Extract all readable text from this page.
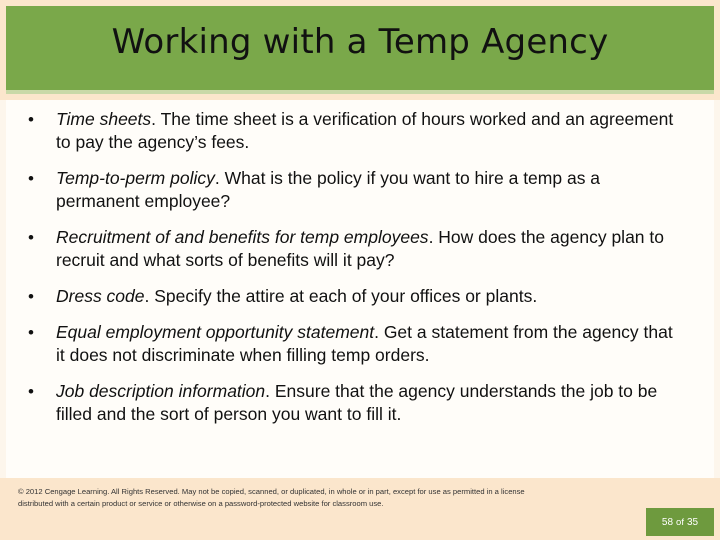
Working with a Temp Agency
• Time sheets. The time sheet is a verification of hours worked and an agreement to pay the agency’s fees.
• Temp-to-perm policy. What is the policy if you want to hire a temp as a permanent employee?
• Recruitment of and benefits for temp employees. How does the agency plan to recruit and what sorts of benefits will it pay?
• Dress code. Specify the attire at each of your offices or plants.
• Equal employment opportunity statement. Get a statement from the agency that it does not discriminate when filling temp orders.
• Job description information. Ensure that the agency understands the job to be filled and the sort of person you want to fill it.
© 2012 Cengage Learning. All Rights Reserved. May not be copied, scanned, or duplicated, in whole or in part, except for use as permitted in a license distributed with a certain product or service or otherwise on a password-protected website for classroom use.
58 of 35
